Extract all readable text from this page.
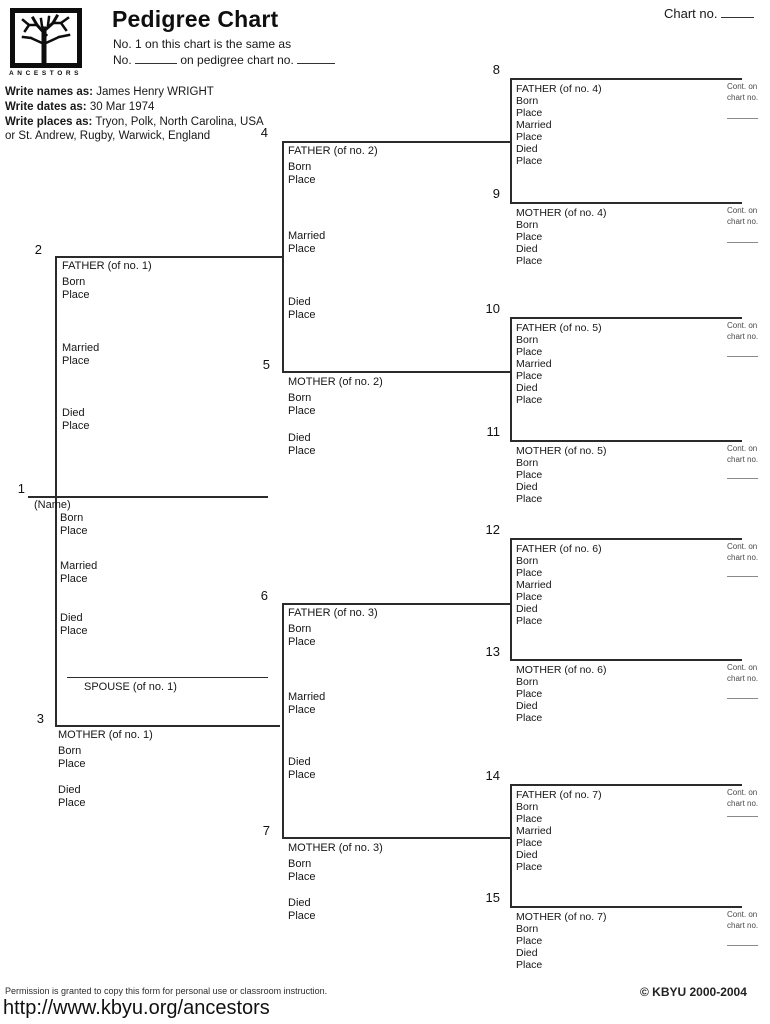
ANCESTORS
Pedigree Chart	Chart no.
No. 1 on this chart is the same as
No.	on pedigree chart no.
Write names as: James Henry WRIGHT
Write dates as: 30 Mar 1974
Write places as: Tryon, Polk, North Carolina, USA
or St. Andrew, Rugby, Warwick, England
1
(Name)
Born
Place
Married
Place
Died
Place
SPOUSE (of no. 1)
2
FATHER (of no. 1)
Born
Place
Married
Place
Died
Place
3
MOTHER (of no. 1)
Born
Place
Died
Place
4
FATHER (of no. 2)
Born
Place
Married
Place
Died
Place
5
MOTHER (of no. 2)
Born
Place
Died
Place
6
FATHER (of no. 3)
Born
Place
Married
Place
Died
Place
7
MOTHER (of no. 3)
Born
Place
Died
Place
8
FATHER (of no. 4)
Born
Place
Married
Place
Died
Place
Cont. on
chart no.
9
MOTHER (of no. 4)
Born
Place
Died
Place
Cont. on
chart no.
10
FATHER (of no. 5)
Born
Place
Married
Place
Died
Place
Cont. on
chart no.
11
MOTHER (of no. 5)
Born
Place
Died
Place
Cont. on
chart no.
12
FATHER (of no. 6)
Born
Place
Married
Place
Died
Place
Cont. on
chart no.
13
MOTHER (of no. 6)
Born
Place
Died
Place
Cont. on
chart no.
14
FATHER (of no. 7)
Born
Place
Married
Place
Died
Place
Cont. on
chart no.
15
MOTHER (of no. 7)
Born
Place
Died
Place
Cont. on
chart no.
Permission is granted to copy this form for personal use or classroom instruction.
http://www.kbyu.org/ancestors
© KBYU 2000-2004
